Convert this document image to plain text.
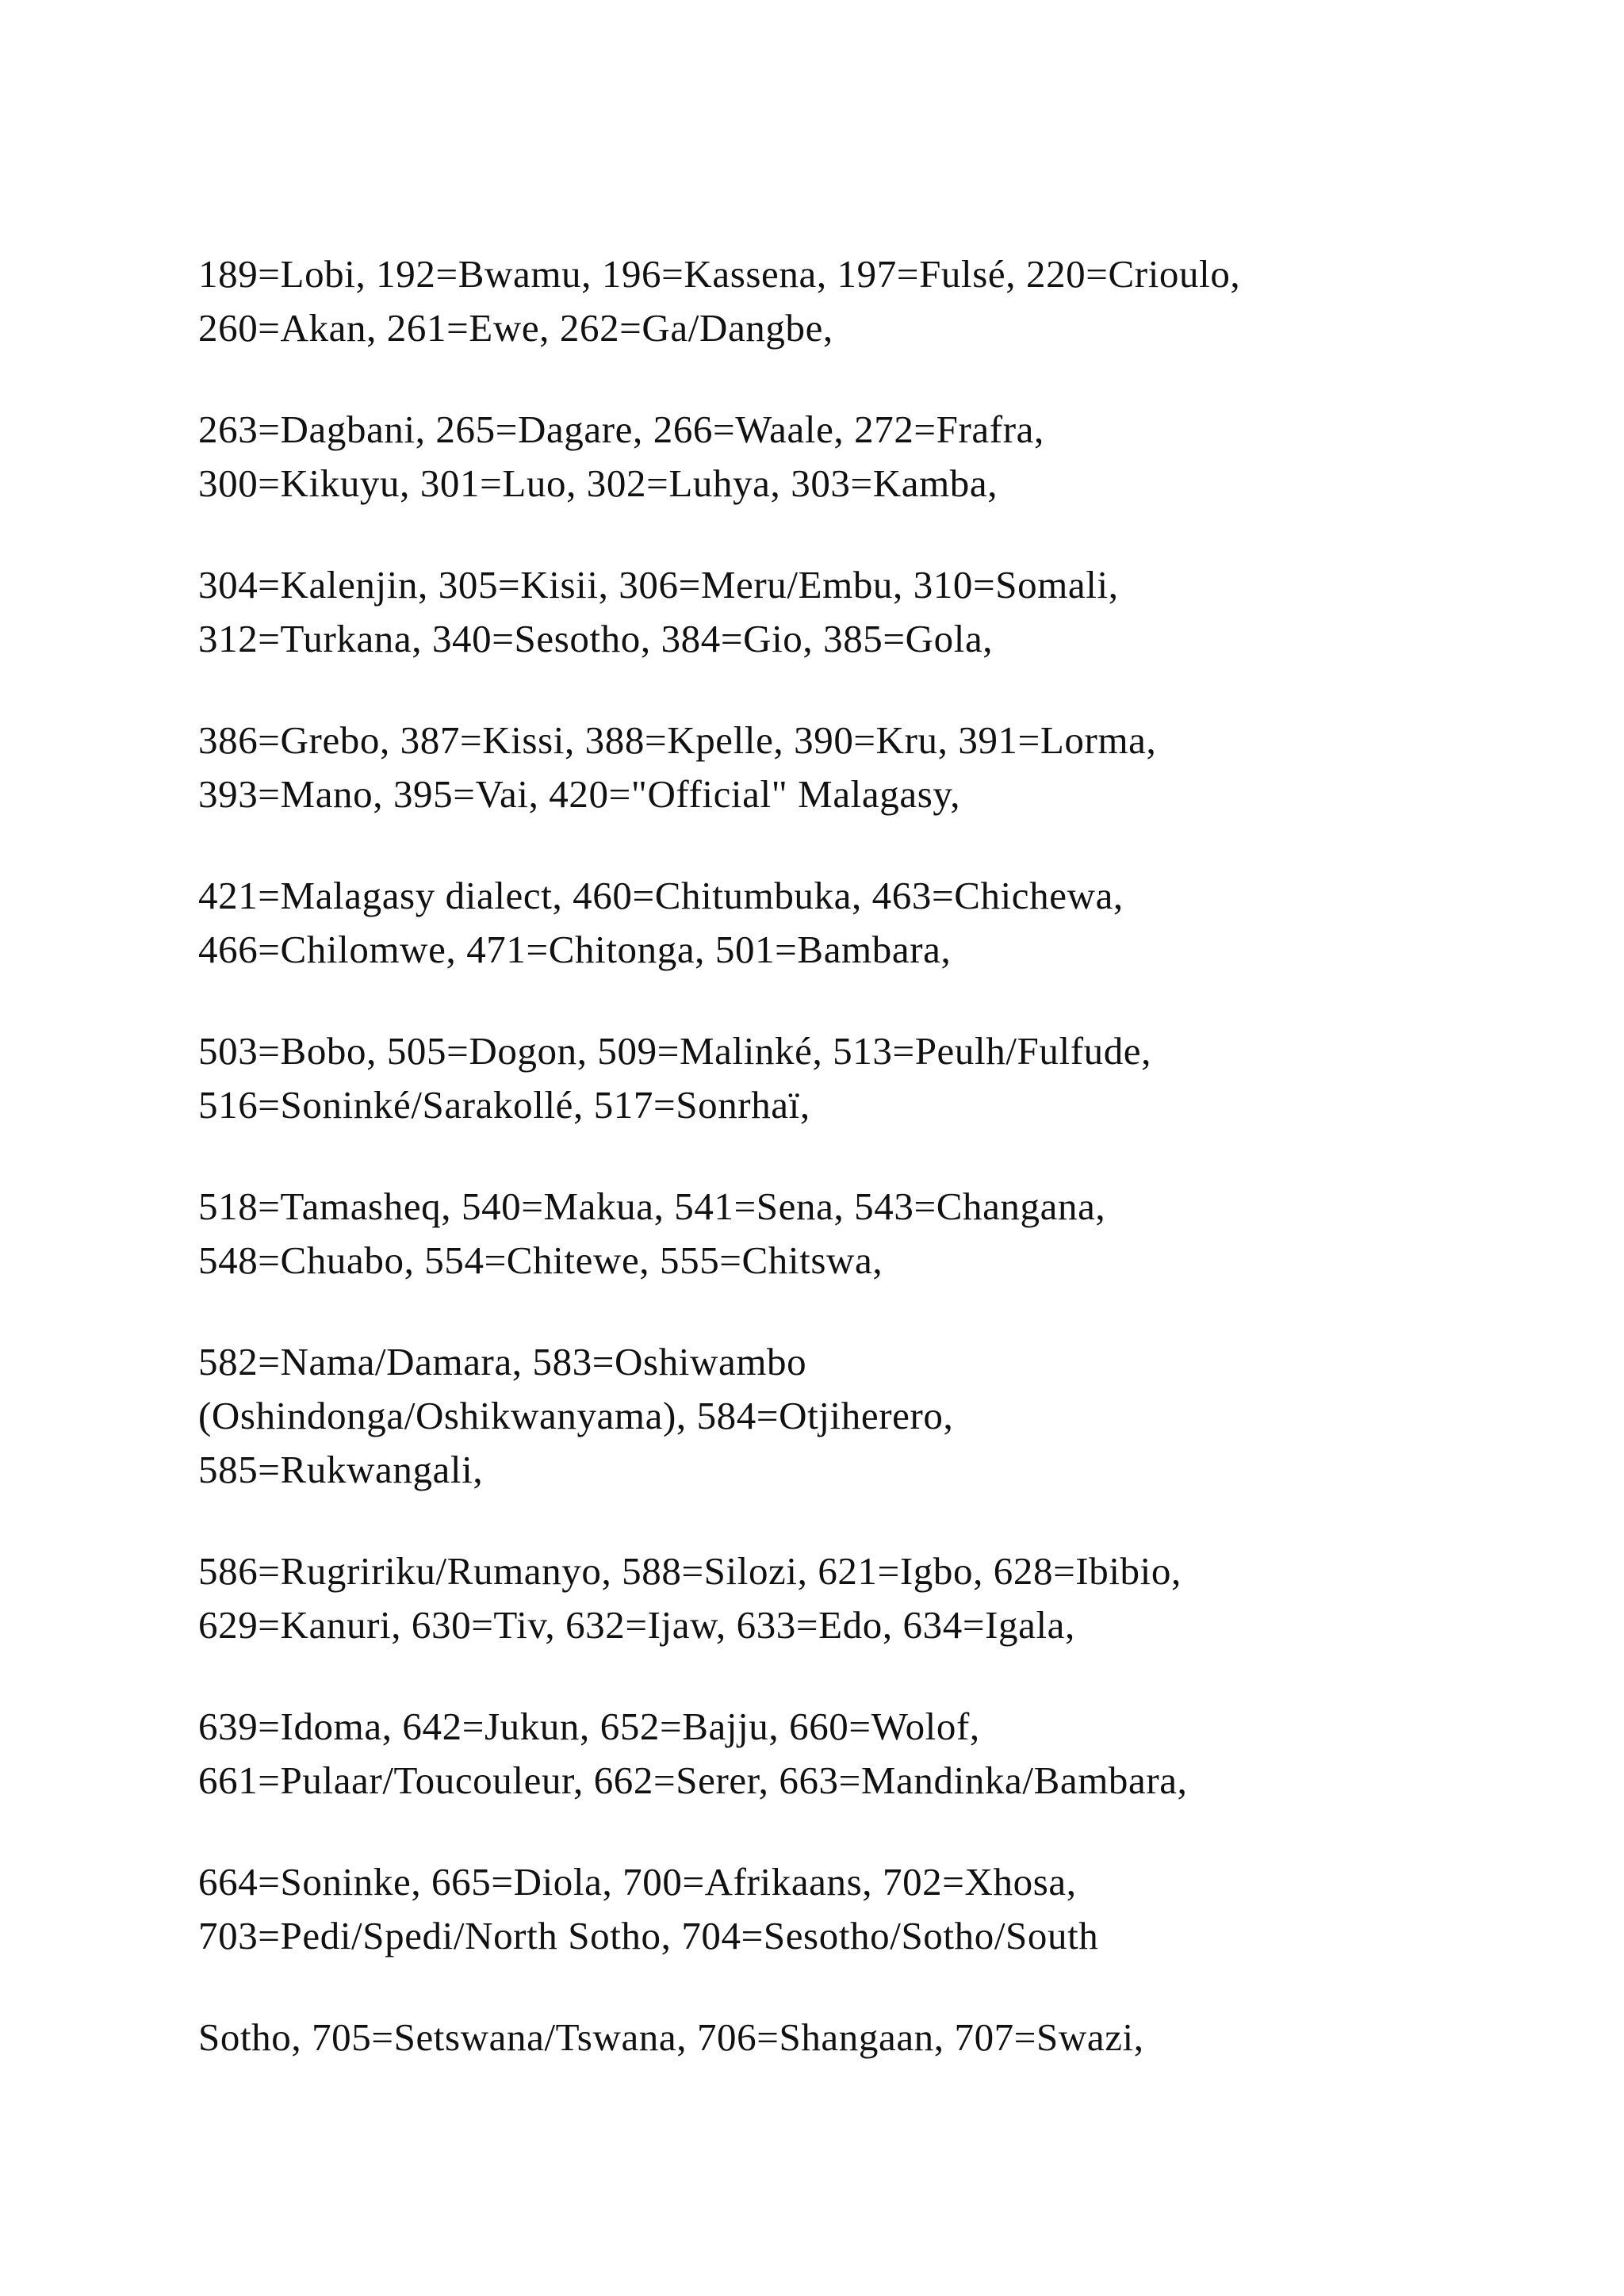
189=Lobi, 192=Bwamu, 196=Kassena, 197=Fulsé, 220=Crioulo,
260=Akan, 261=Ewe, 262=Ga/Dangbe,

263=Dagbani, 265=Dagare, 266=Waale, 272=Frafra,
300=Kikuyu, 301=Luo, 302=Luhya, 303=Kamba,

304=Kalenjin, 305=Kisii, 306=Meru/Embu, 310=Somali,
312=Turkana, 340=Sesotho, 384=Gio, 385=Gola,

386=Grebo, 387=Kissi, 388=Kpelle, 390=Kru, 391=Lorma,
393=Mano, 395=Vai, 420="Official" Malagasy,

421=Malagasy dialect, 460=Chitumbuka, 463=Chichewa,
466=Chilomwe, 471=Chitonga, 501=Bambara,

503=Bobo, 505=Dogon, 509=Malinké, 513=Peulh/Fulfude,
516=Soninké/Sarakollé, 517=Sonrhaï,

518=Tamasheq, 540=Makua, 541=Sena, 543=Changana,
548=Chuabo, 554=Chitewe, 555=Chitswa,

582=Nama/Damara, 583=Oshiwambo
(Oshindonga/Oshikwanyama), 584=Otjiherero,
585=Rukwangali,

586=Rugririku/Rumanyo, 588=Silozi, 621=Igbo, 628=Ibibio,
629=Kanuri, 630=Tiv, 632=Ijaw, 633=Edo, 634=Igala,

639=Idoma, 642=Jukun, 652=Bajju, 660=Wolof,
661=Pulaar/Toucouleur, 662=Serer, 663=Mandinka/Bambara,

664=Soninke, 665=Diola, 700=Afrikaans, 702=Xhosa,
703=Pedi/Spedi/North Sotho, 704=Sesotho/Sotho/South

Sotho, 705=Setswana/Tswana, 706=Shangaan, 707=Swazi,
